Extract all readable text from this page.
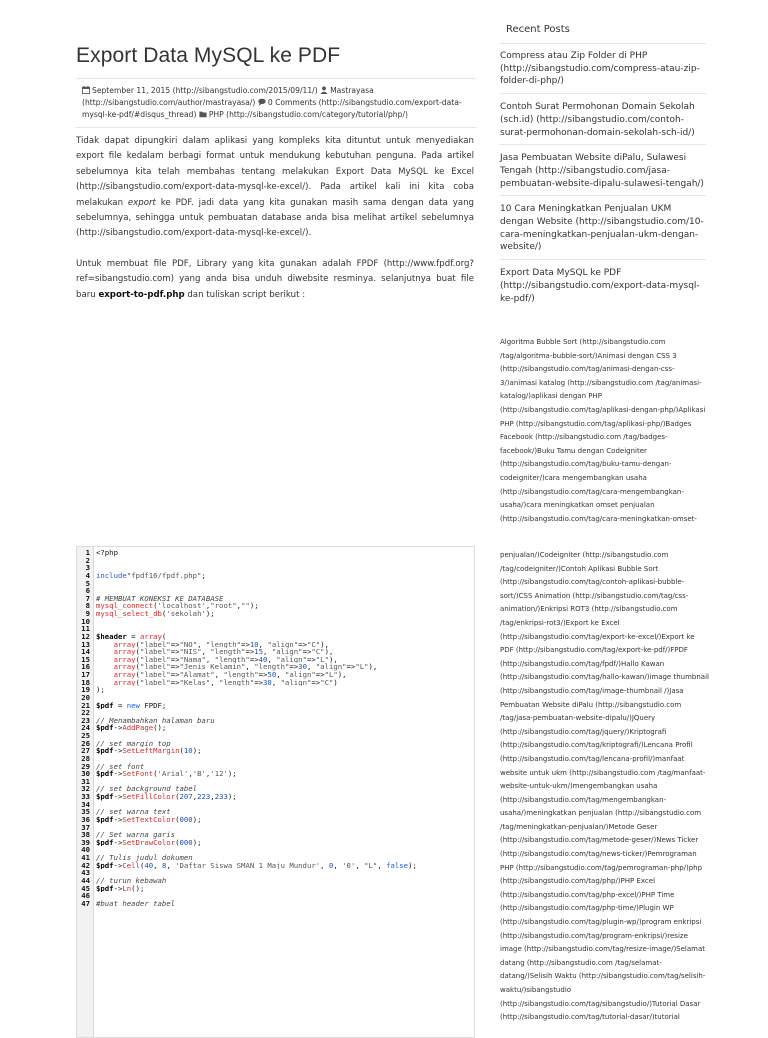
Export Data MySQL ke PDF
September 11, 2015 (http://sibangstudio.com/2015/09/11/) Mastrayasa (http://sibangstudio.com/author/mastrayasa/) 0 Comments (http://sibangstudio.com/export-data-mysql-ke-pdf/#disqus_thread) PHP (http://sibangstudio.com/category/tutorial/php/)

Tidak dapat dipungkiri dalam aplikasi yang kompleks kita dituntut untuk menyediakan export file kedalam berbagi format untuk mendukung kebutuhan penguna. Pada artikel sebelumnya kita telah membahas tentang melakukan Export Data MySQL ke Excel (http://sibangstudio.com/export-data-mysql-ke-excel/). Pada artikel kali ini kita coba melakukan export ke PDF. jadi data yang kita gunakan masih sama dengan data yang sebelumnya, sehingga untuk pembuatan database anda bisa melihat artikel sebelumnya (http://sibangstudio.com/export-data-mysql-ke-excel/).

Untuk membuat file PDF, Library yang kita gunakan adalah FPDF (http://www.fpdf.org?ref=sibangstudio.com) yang anda bisa unduh diwebsite resminya. selanjutnya buat file baru export-to-pdf.php dan tuliskan script berikut :

1 <?php
2
3
4 include"fpdf16/fpdf.php";
5
6
7 # MEMBUAT KONEKSI KE DATABASE
8 mysql_connect('localhost',"root","");
9 mysql_select_db('sekolah');
10
11
12 $header = array(
13	array("label"=>"NO", "length"=>10, "align"=>"C"),
14	array("label"=>"NIS", "length"=>15, "align"=>"C"),
15	array("label"=>"Nama", "length"=>40, "align"=>"L"),
16	array("label"=>"Jenis Kelamin", "length"=>30, "align"=>"L"),
17	array("label"=>"Alamat", "length"=>50, "align"=>"L"),
18	array("label"=>"Kelas", "length"=>30, "align"=>"C")
19 );
20
21 $pdf = new FPDF;
22
23 // Menambahkan halaman baru
24 $pdf->AddPage();
25
26 // set margin top
27 $pdf->SetLeftMargin(10);
28
29 // set font
30 $pdf->SetFont('Arial','B','12');
31
32 // set background tabel
33 $pdf->SetFillColor(207,223,233);
34
35 // set warna text
36 $pdf->SetTextColor(000);
37
38 // Set warna garis
39 $pdf->SetDrawColor(000);
40
41 // Tulis judul dokumen
42 $pdf->Cell(40, 8, 'Daftar Siswa SMAN 1 Maju Mundur', 0, '0', "L", false);
43
44 // turun kebawah
45 $pdf->Ln();
46
47 #buat header tabel
Recent Posts
Compress atau Zip Folder di PHP (http://sibangstudio.com/compress-atau-zip-folder-di-php/)
Contoh Surat Permohonan Domain Sekolah (sch.id) (http://sibangstudio.com/contoh-surat-permohonan-domain-sekolah-sch-id/)
Jasa Pembuatan Website diPalu, Sulawesi Tengah (http://sibangstudio.com/jasa-pembuatan-website-dipalu-sulawesi-tengah/)
10 Cara Meningkatkan Penjualan UKM dengan Website (http://sibangstudio.com/10-cara-meningkatkan-penjualan-ukm-dengan-website/)
Export Data MySQL ke PDF (http://sibangstudio.com/export-data-mysql-ke-pdf/)

Algoritma Bubble Sort (http://sibangstudio.com /tag/algoritma-bubble-sort/)Animasi dengan CSS 3 (http://sibangstudio.com/tag/animasi-dengan-css-3/)animasi katalog (http://sibangstudio.com /tag/animasi-katalog/)aplikasi dengan PHP (http://sibangstudio.com/tag/aplikasi-dengan-php/)Aplikasi PHP (http://sibangstudio.com/tag/aplikasi-php/)Badges Facebook (http://sibangstudio.com /tag/badges-facebook/)Buku Tamu dengan Codeigniter (http://sibangstudio.com/tag/buku-tamu-dengan-codeigniter/)cara mengembangkan usaha (http://sibangstudio.com/tag/cara-mengembangkan-usaha/)cara meningkatkan omset penjualan (http://sibangstudio.com/tag/cara-meningkatkan-omset-

penjualan/)Codeigniter (http://sibangstudio.com /tag/codeigniter/)Contoh Aplikasi Bubble Sort (http://sibangstudio.com/tag/contoh-aplikasi-bubble-sort/)CSS Animation (http://sibangstudio.com/tag/css-animation/)Enkripsi ROT3 (http://sibangstudio.com /tag/enkripsi-rot3/)Export ke Excel (http://sibangstudio.com/tag/export-ke-excel/)Export ke PDF (http://sibangstudio.com/tag/export-ke-pdf/)FPDF (http://sibangstudio.com/tag/fpdf/)Hallo Kawan (http://sibangstudio.com/tag/hallo-kawan/)image thumbnail (http://sibangstudio.com/tag/image-thumbnail /)Jasa Pembuatan Website diPalu (http://sibangstudio.com /tag/jasa-pembuatan-website-dipalu/)JQuery (http://sibangstudio.com/tag/jquery/)Kriptografi (http://sibangstudio.com/tag/kriptografi/)Lencana Profil (http://sibangstudio.com/tag/lencana-profil/)manfaat website untuk ukm (http://sibangstudio.com /tag/manfaat-website-untuk-ukm/)mengembangkan usaha (http://sibangstudio.com/tag/mengembangkan-usaha/)meningkatkan penjualan (http://sibangstudio.com /tag/meningkatkan-penjualan/)Metode Geser (http://sibangstudio.com/tag/metode-geser/)News Ticker (http://sibangstudio.com/tag/news-ticker/)Pemrograman PHP (http://sibangstudio.com/tag/pemrograman-php/)php (http://sibangstudio.com/tag/php/)PHP Excel (http://sibangstudio.com/tag/php-excel/)PHP Time (http://sibangstudio.com/tag/php-time/)Plugin WP (http://sibangstudio.com/tag/plugin-wp/)program enkripsi (http://sibangstudio.com/tag/program-enkripsi/)resize image (http://sibangstudio.com/tag/resize-image/)Selamat datang (http://sibangstudio.com /tag/selamat-datang/)Selisih Waktu (http://sibangstudio.com/tag/selisih-waktu/)sibangstudio (http://sibangstudio.com/tag/sibangstudio/)Tutorial Dasar (http://sibangstudio.com/tag/tutorial-dasar/)tutorial
